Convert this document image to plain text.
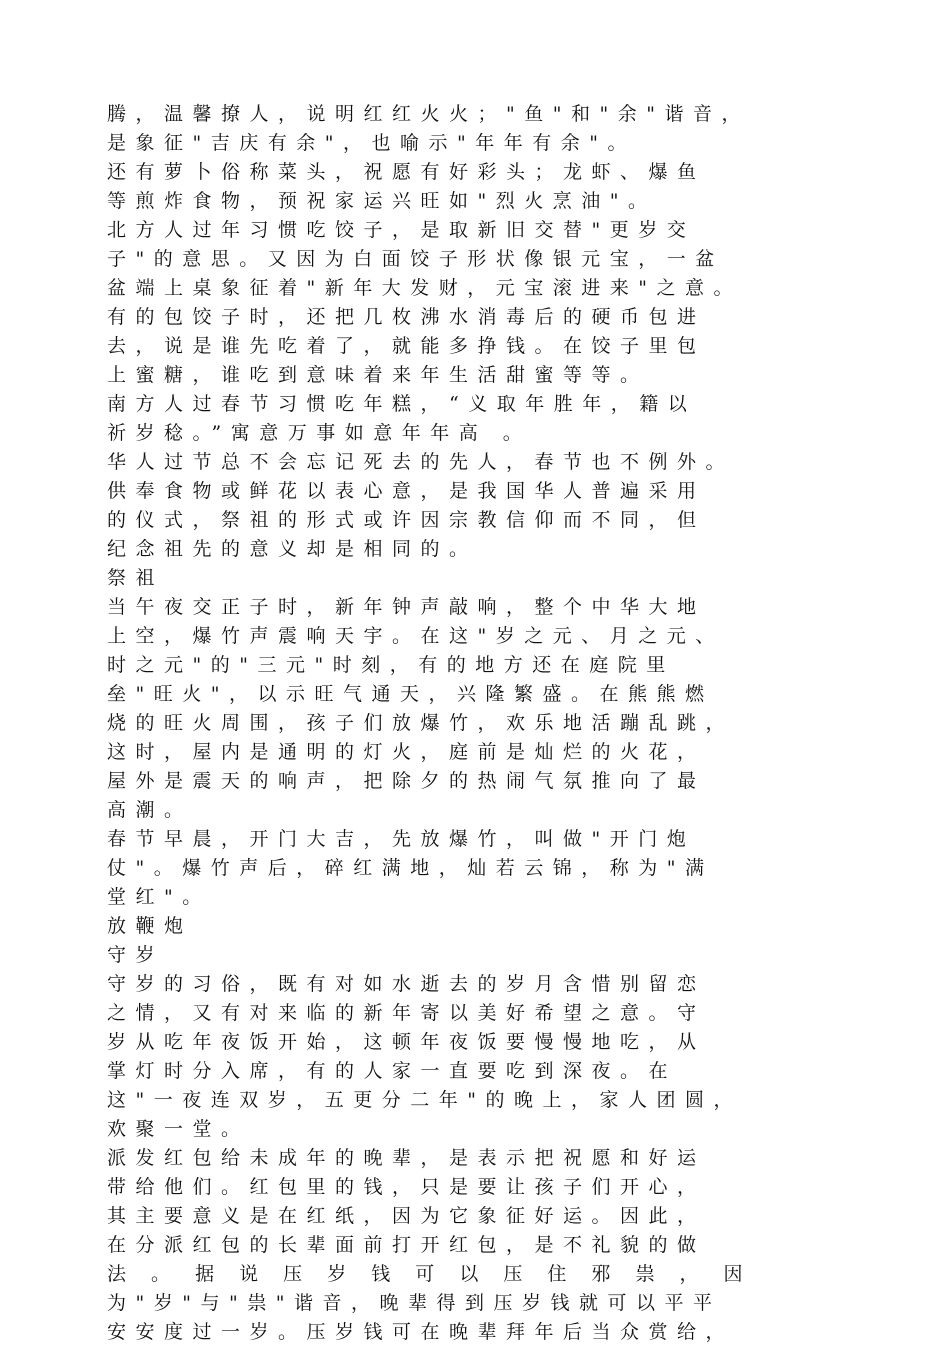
腾，温馨撩人，说明红红火火；"鱼"和"余"谐音，
是象征"吉庆有余"，也喻示"年年有余"。
还有萝卜俗称菜头，祝愿有好彩头；龙虾、爆鱼
等煎炸食物，预祝家运兴旺如"烈火烹油"。
北方人过年习惯吃饺子，是取新旧交替"更岁交
子"的意思。又因为白面饺子形状像银元宝，一盆
盆端上桌象征着"新年大发财，元宝滚进来"之意。
有的包饺子时，还把几枚沸水消毒后的硬币包进
去，说是谁先吃着了，就能多挣钱。在饺子里包
上蜜糖，谁吃到意味着来年生活甜蜜等等。
南方人过春节习惯吃年糕，“义取年胜年，籍以
祈岁稔。”寓意万事如意年年高 。
华人过节总不会忘记死去的先人，春节也不例外。
供奉食物或鲜花以表心意，是我国华人普遍采用
的仪式，祭祖的形式或许因宗教信仰而不同，但
纪念祖先的意义却是相同的。
祭祖
当午夜交正子时，新年钟声敲响，整个中华大地
上空，爆竹声震响天宇。在这"岁之元、月之元、
时之元"的"三元"时刻，有的地方还在庭院里
垒"旺火"，以示旺气通天，兴隆繁盛。在熊熊燃
烧的旺火周围，孩子们放爆竹，欢乐地活蹦乱跳，
这时，屋内是通明的灯火，庭前是灿烂的火花，
屋外是震天的响声，把除夕的热闹气氛推向了最
高潮。
春节早晨，开门大吉，先放爆竹，叫做"开门炮
仗"。爆竹声后，碎红满地，灿若云锦，称为"满
堂红"。
放鞭炮
守岁
守岁的习俗，既有对如水逝去的岁月含惜别留恋
之情，又有对来临的新年寄以美好希望之意。守
岁从吃年夜饭开始，这顿年夜饭要慢慢地吃，从
掌灯时分入席，有的人家一直要吃到深夜。在
这"一夜连双岁，五更分二年"的晚上，家人团圆，
欢聚一堂。
派发红包给未成年的晚辈，是表示把祝愿和好运
带给他们。红包里的钱，只是要让孩子们开心，
其主要意义是在红纸，因为它象征好运。因此，
在分派红包的长辈面前打开红包，是不礼貌的做
法 。 据 说 压 岁 钱 可 以 压 住 邪 祟 ， 因
为"岁"与"祟"谐音，晚辈得到压岁钱就可以平平
安安度过一岁。压岁钱可在晚辈拜年后当众赏给，
